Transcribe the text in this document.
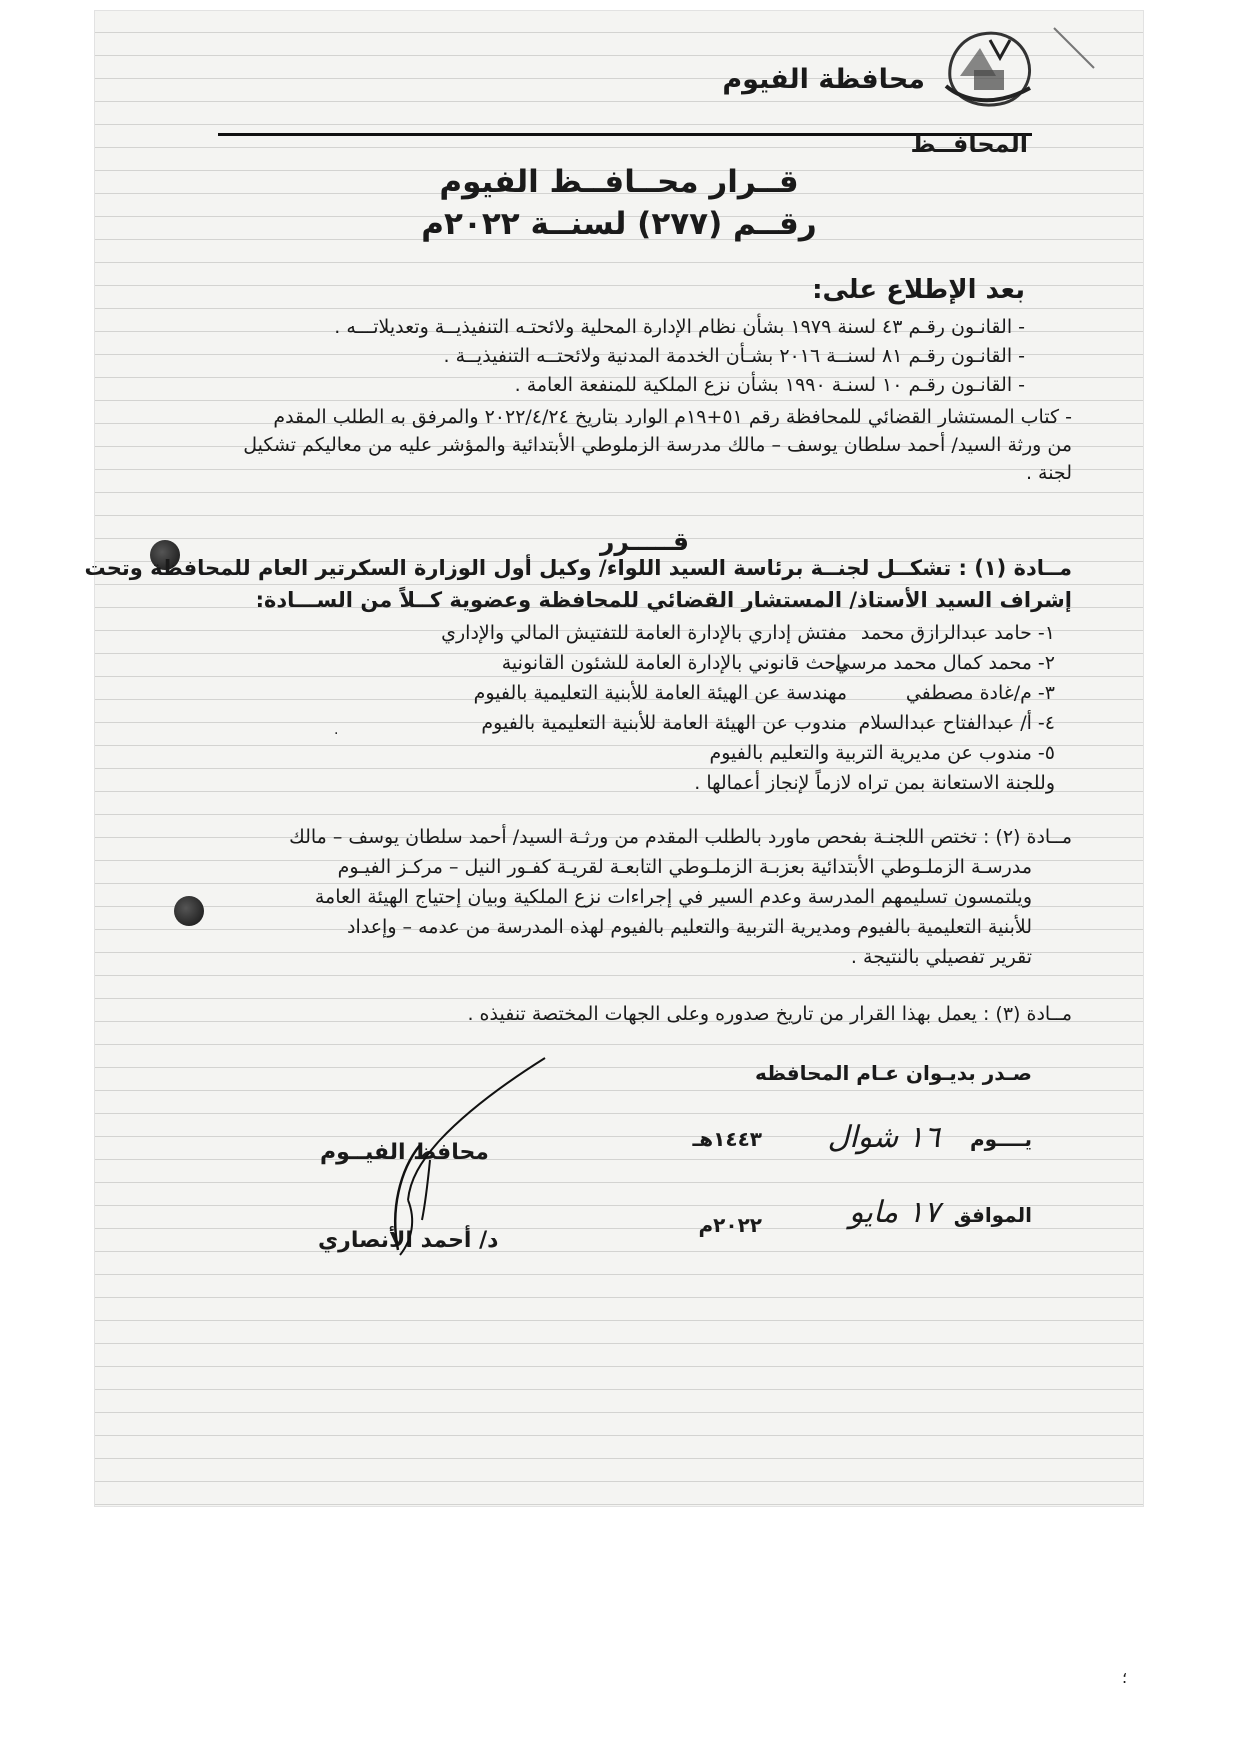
محافظة الفيوم
المحافــظ
قــرار محــافــظ الفيوم
رقــم (٢٧٧) لسنــة ٢٠٢٢م
بعد الإطلاع على:
- القانـون رقـم ٤٣ لسنة ١٩٧٩ بشأن نظام الإدارة المحلية ولائحتـه التنفيذيــة وتعديلاتـــه .
- القانـون رقـم ٨١ لسنــة ٢٠١٦ بشـأن الخدمة المدنية ولائحتــه التنفيذيــة .
- القانـون رقـم ١٠ لسنـة ١٩٩٠ بشأن نزع الملكية للمنفعة العامة .
- كتاب المستشار القضائي للمحافظة رقم ٥١+١٩م الوارد بتاريخ ٢٠٢٢/٤/٢٤ والمرفق به الطلب المقدم
من ورثة السيد/ أحمد سلطان يوسف – مالك مدرسة الزملوطي الأبتدائية والمؤشر عليه من معاليكم تشكيل
لجنة .
قـــــرر
مــادة (١) : تشكــل لجنــة برئاسة السيد اللواء/ وكيل أول الوزارة السكرتير العام للمحافظة وتحت
إشراف السيد الأستاذ/ المستشار القضائي للمحافظة وعضوية كــلاً من الســـادة:
١- حامد عبدالرازق محمد
مفتش إداري بالإدارة العامة للتفتيش المالي والإداري
٢- محمد كمال محمد مرسي
باحث قانوني بالإدارة العامة للشئون القانونية
٣- م/غادة مصطفي
مهندسة عن الهيئة العامة للأبنية التعليمية بالفيوم
٤- أ/ عبدالفتاح عبدالسلام
مندوب عن الهيئة العامة للأبنية التعليمية بالفيوم
٥- مندوب عن مديرية التربية والتعليم بالفيوم
وللجنة الاستعانة بمن تراه لازماً لإنجاز أعمالها .
·
مــادة (٢) : تختص اللجنـة بفحص ماورد بالطلب المقدم من ورثـة السيد/ أحمد سلطان يوسف – مالك
مدرسـة الزملـوطي الأبتدائية بعزبـة الزملـوطي التابعـة لقريـة كفـور النيل – مركـز الفيـوم
ويلتمسون تسليمهم المدرسة وعدم السير في إجراءات نزع الملكية وبيان إحتياج الهيئة العامة
للأبنية التعليمية بالفيوم ومديرية التربية والتعليم بالفيوم لهذه المدرسة من عدمه – وإعداد
تقرير تفصيلي بالنتيجة .
مــادة (٣) : يعمل بهذا القرار من تاريخ صدوره وعلى الجهات المختصة تنفيذه .
صـدر بديـوان عـام المحافظه
يــــوم
١٦ شوال
١٤٤٣هـ
الموافق
١٧ مايو
٢٠٢٢م
محافظ الفيــوم
د/ أحمد الأنصاري
؛
